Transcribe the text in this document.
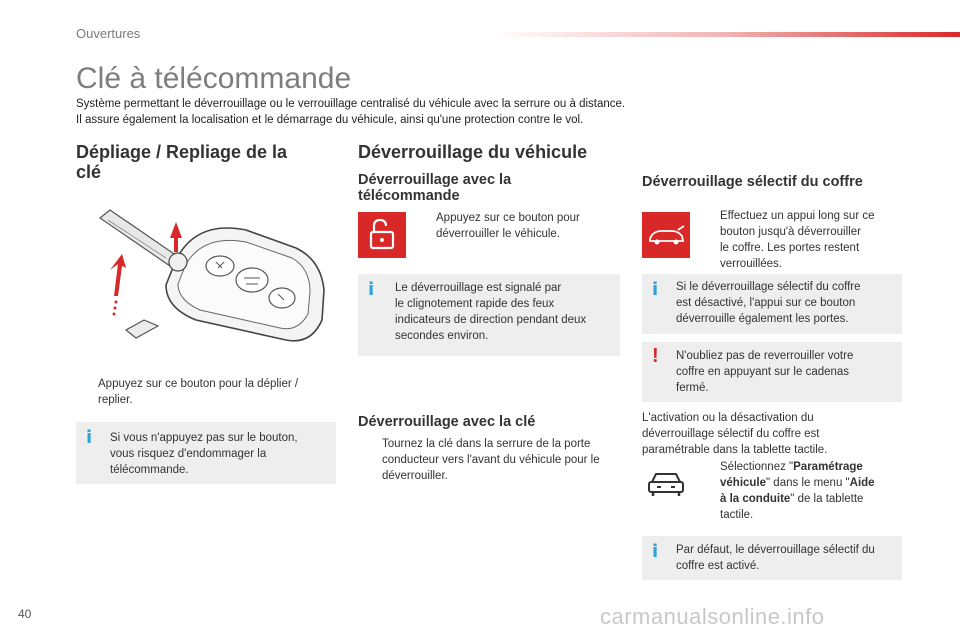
Ouvertures
Clé à télécommande
Système permettant le déverrouillage ou le verrouillage centralisé du véhicule avec la serrure ou à distance.
Il assure également la localisation et le démarrage du véhicule, ainsi qu'une protection contre le vol.
Dépliage / Repliage de la
clé
Appuyez sur ce bouton pour la déplier /
replier.
i Si vous n'appuyez pas sur le bouton,
vous risquez d'endommager la
télécommande.
Déverrouillage du véhicule
Déverrouillage avec la
télécommande
Appuyez sur ce bouton pour
déverrouiller le véhicule.
i Le déverrouillage est signalé par
le clignotement rapide des feux
indicateurs de direction pendant deux
secondes environ.
Déverrouillage avec la clé
Tournez la clé dans la serrure de la porte
conducteur vers l'avant du véhicule pour le
déverrouiller.
Déverrouillage sélectif du coffre
Effectuez un appui long sur ce
bouton jusqu'à déverrouiller
le coffre. Les portes restent
verrouillées.
i Si le déverrouillage sélectif du coffre
est désactivé, l'appui sur ce bouton
déverrouille également les portes.
! N'oubliez pas de reverrouiller votre
coffre en appuyant sur le cadenas
fermé.
L'activation ou la désactivation du
déverrouillage sélectif du coffre est
paramétrable dans la tablette tactile.
Sélectionnez "Paramétrage
véhicule" dans le menu "Aide
à la conduite" de la tablette
tactile.
i Par défaut, le déverrouillage sélectif du
coffre est activé.
40	carmanualsonline.info
